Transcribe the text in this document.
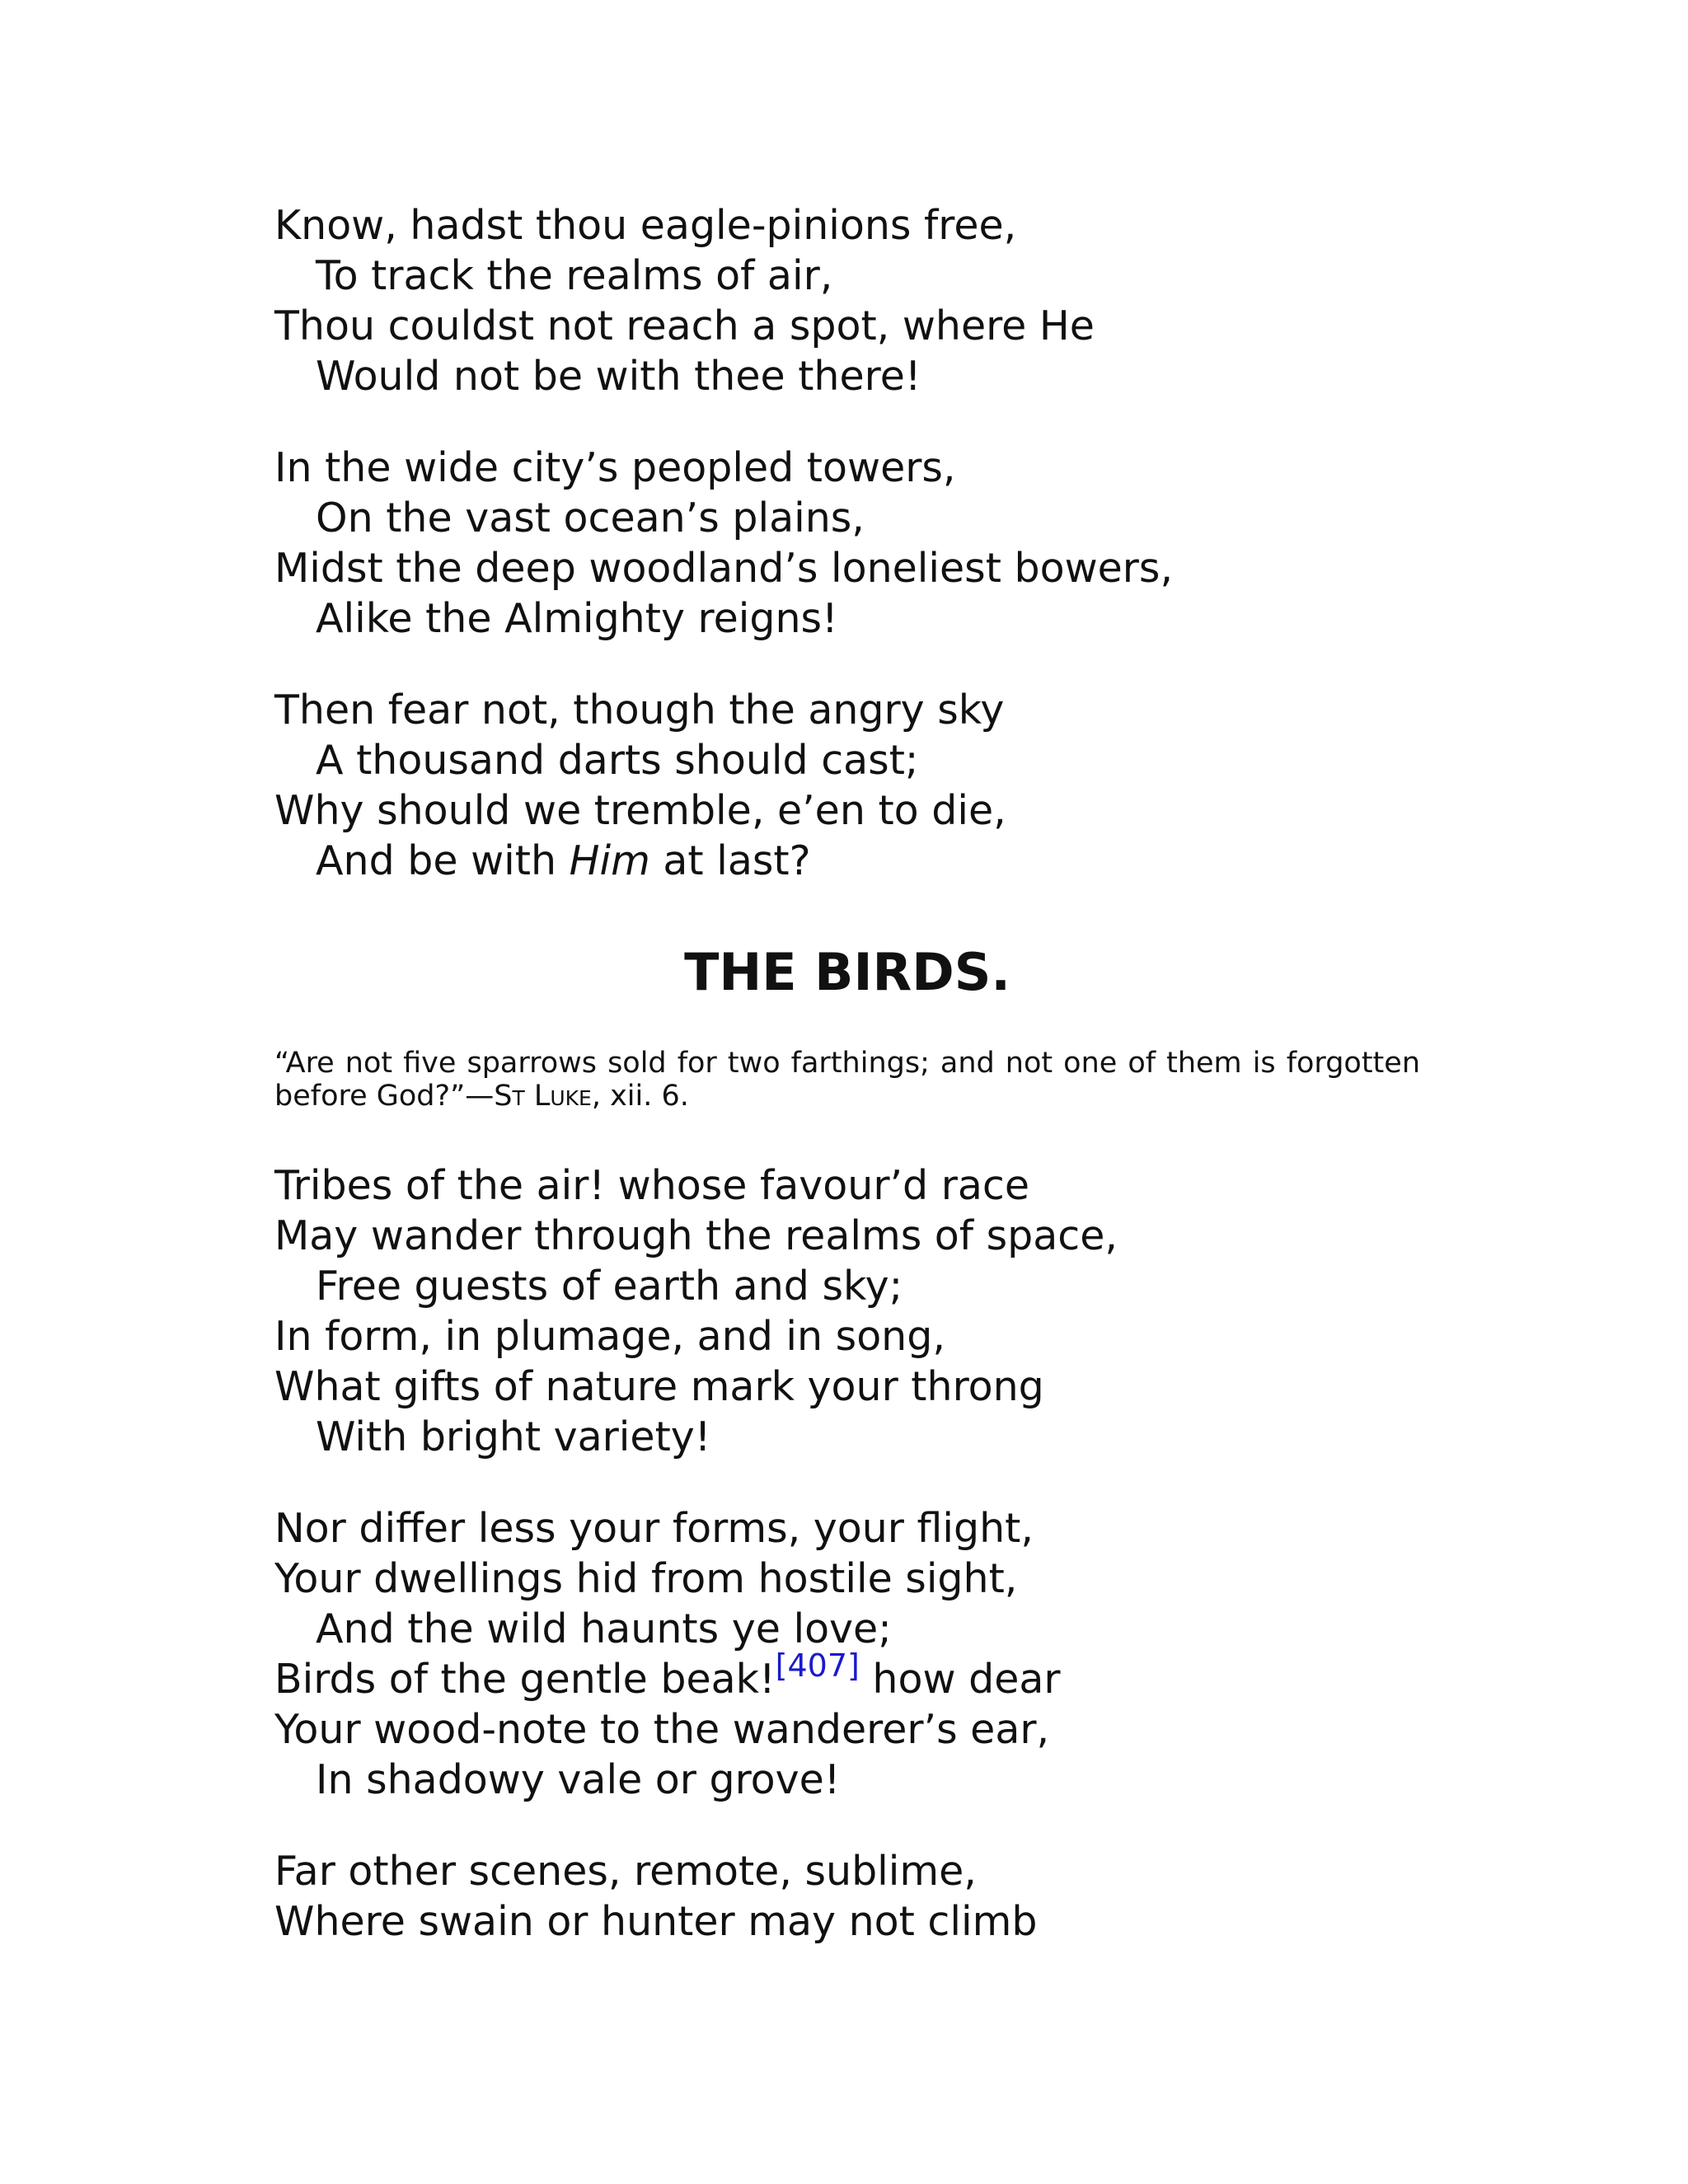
Know, hadst thou eagle-pinions free,
To track the realms of air,
Thou couldst not reach a spot, where He
Would not be with thee there!
In the wide city’s peopled towers,
On the vast ocean’s plains,
Midst the deep woodland’s loneliest bowers,
Alike the Almighty reigns!
Then fear not, though the angry sky
A thousand darts should cast;
Why should we tremble, e’en to die,
And be with Him at last?
THE BIRDS.
“Are not five sparrows sold for two farthings; and not one of them is forgotten before God?”—St Luke, xii. 6.
Tribes of the air! whose favour’d race
May wander through the realms of space,
Free guests of earth and sky;
In form, in plumage, and in song,
What gifts of nature mark your throng
With bright variety!
Nor differ less your forms, your flight,
Your dwellings hid from hostile sight,
And the wild haunts ye love;
Birds of the gentle beak![407] how dear
Your wood-note to the wanderer’s ear,
In shadowy vale or grove!
Far other scenes, remote, sublime,
Where swain or hunter may not climb
